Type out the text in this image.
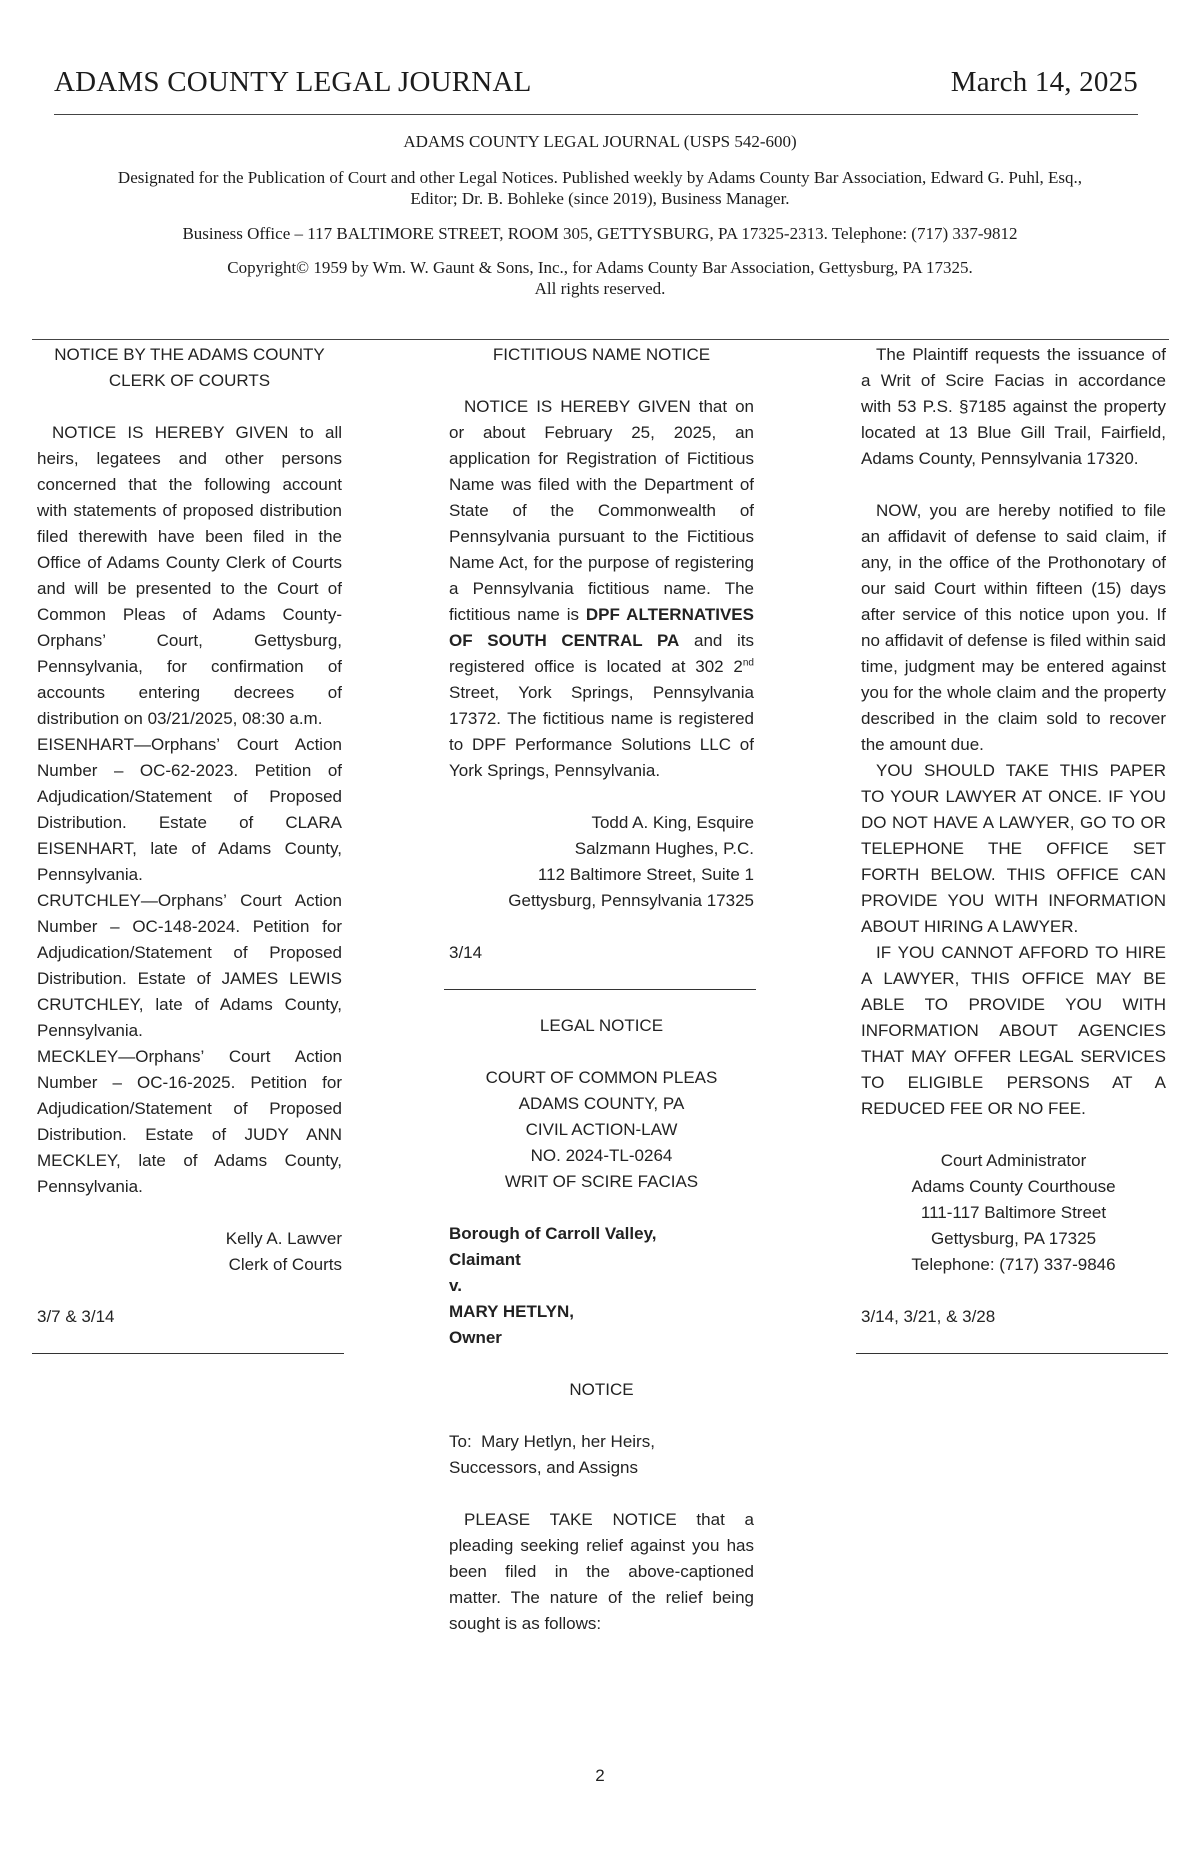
ADAMS COUNTY LEGAL JOURNAL	March 14, 2025

ADAMS COUNTY LEGAL JOURNAL (USPS 542-600)

Designated for the Publication of Court and other Legal Notices. Published weekly by Adams County Bar Association, Edward G. Puhl, Esq., Editor; Dr. B. Bohleke (since 2019), Business Manager.

Business Office – 117 BALTIMORE STREET, ROOM 305, GETTYSBURG, PA 17325-2313. Telephone: (717) 337-9812

Copyright© 1959 by Wm. W. Gaunt & Sons, Inc., for Adams County Bar Association, Gettysburg, PA 17325.

All rights reserved.

NOTICE BY THE ADAMS COUNTY CLERK OF COURTS

NOTICE IS HEREBY GIVEN to all heirs, legatees and other persons concerned that the following account with statements of proposed distribution filed therewith have been filed in the Office of Adams County Clerk of Courts and will be presented to the Court of Common Pleas of Adams County-Orphans’ Court, Gettysburg, Pennsylvania, for confirmation of accounts entering decrees of distribution on 03/21/2025, 08:30 a.m.

EISENHART—Orphans’ Court Action Number – OC-62-2023. Petition of Adjudication/Statement of Proposed Distribution. Estate of CLARA EISENHART, late of Adams County, Pennsylvania.

CRUTCHLEY—Orphans’ Court Action Number – OC-148-2024. Petition for Adjudication/Statement of Proposed Distribution. Estate of JAMES LEWIS CRUTCHLEY, late of Adams County, Pennsylvania.

MECKLEY—Orphans’ Court Action Number – OC-16-2025. Petition for Adjudication/Statement of Proposed Distribution. Estate of JUDY ANN MECKLEY, late of Adams County, Pennsylvania.

Kelly A. Lawver

Clerk of Courts

3/7 & 3/14

FICTITIOUS NAME NOTICE

NOTICE IS HEREBY GIVEN that on or about February 25, 2025, an application for Registration of Fictitious Name was filed with the Department of State of the Commonwealth of Pennsylvania pursuant to the Fictitious Name Act, for the purpose of registering a Pennsylvania fictitious name. The fictitious name is DPF ALTERNATIVES OF SOUTH CENTRAL PA and its registered office is located at 302 2nd Street, York Springs, Pennsylvania 17372. The fictitious name is registered to DPF Performance Solutions LLC of York Springs, Pennsylvania.

Todd A. King, Esquire

Salzmann Hughes, P.C.

112 Baltimore Street, Suite 1

Gettysburg, Pennsylvania 17325

3/14

LEGAL NOTICE

COURT OF COMMON PLEAS

ADAMS COUNTY, PA

CIVIL ACTION-LAW

NO. 2024-TL-0264

WRIT OF SCIRE FACIAS

Borough of Carroll Valley,

Claimant

v.

MARY HETLYN,

Owner

NOTICE

To:  Mary Hetlyn, her Heirs,

Successors, and Assigns

PLEASE TAKE NOTICE that a pleading seeking relief against you has been filed in the above-captioned matter. The nature of the relief being sought is as follows:

The Plaintiff requests the issuance of a Writ of Scire Facias in accordance with 53 P.S. §7185 against the property located at 13 Blue Gill Trail, Fairfield, Adams County, Pennsylvania 17320.

NOW, you are hereby notified to file an affidavit of defense to said claim, if any, in the office of the Prothonotary of our said Court within fifteen (15) days after service of this notice upon you. If no affidavit of defense is filed within said time, judgment may be entered against you for the whole claim and the property described in the claim sold to recover the amount due.

YOU SHOULD TAKE THIS PAPER TO YOUR LAWYER AT ONCE. IF YOU DO NOT HAVE A LAWYER, GO TO OR TELEPHONE THE OFFICE SET FORTH BELOW. THIS OFFICE CAN PROVIDE YOU WITH INFORMATION ABOUT HIRING A LAWYER.

IF YOU CANNOT AFFORD TO HIRE A LAWYER, THIS OFFICE MAY BE ABLE TO PROVIDE YOU WITH INFORMATION ABOUT AGENCIES THAT MAY OFFER LEGAL SERVICES TO ELIGIBLE PERSONS AT A REDUCED FEE OR NO FEE.

Court Administrator

Adams County Courthouse

111-117 Baltimore Street

Gettysburg, PA 17325

Telephone: (717) 337-9846

3/14, 3/21, & 3/28

2
